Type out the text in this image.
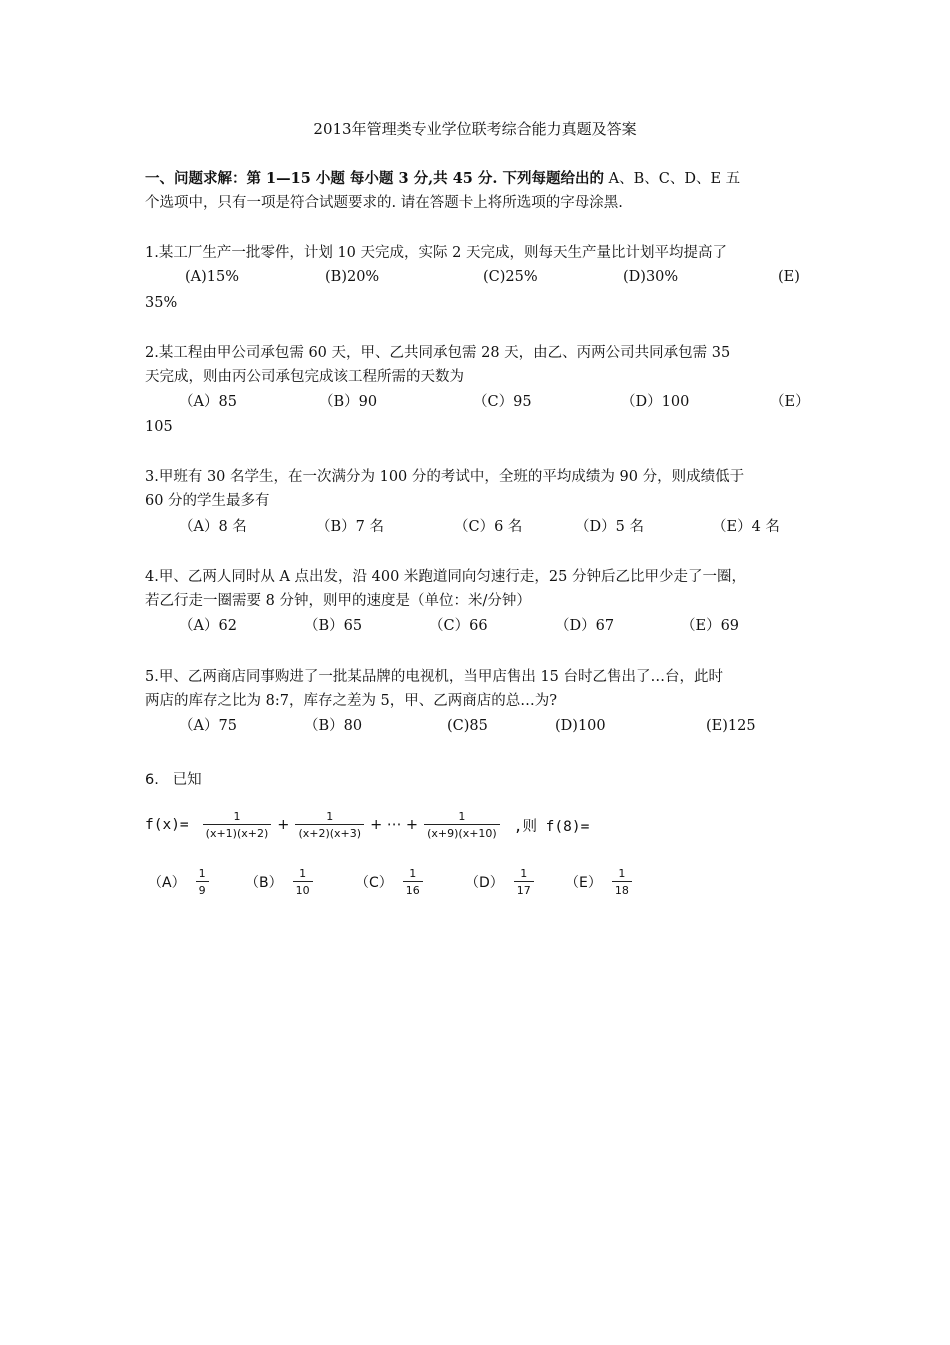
2013年管理类专业学位联考综合能力真题及答案
一、问题求解：第 1—15 小题 每小题 3 分,共 45 分. 下列每题给出的 A、B、C、D、E 五
个选项中，只有一项是符合试题要求的. 请在答题卡上将所选项的字母涂黑.
1.某工厂生产一批零件，计划 10 天完成，实际 2 天完成，则每天生产量比计划平均提高了
(A)15%	(B)20%	(C)25%	(D)30%	(E)
35%
2.某工程由甲公司承包需 60 天，甲、乙共同承包需 28 天，由乙、丙两公司共同承包需 35
天完成，则由丙公司承包完成该工程所需的天数为
（A）85	（B）90	（C）95	（D）100	（E）
105
3.甲班有 30 名学生，在一次满分为 100 分的考试中，全班的平均成绩为 90 分，则成绩低于
60 分的学生最多有
（A）8 名	（B）7 名	（C）6 名	（D）5 名	（E）4 名
4.甲、乙两人同时从 A 点出发，沿 400 米跑道同向匀速行走，25 分钟后乙比甲少走了一圈，
若乙行走一圈需要 8 分钟，则甲的速度是（单位：米/分钟）
（A）62	（B）65	（C）66	（D）67	（E）69
5.甲、乙两商店同事购进了一批某品牌的电视机，当甲店售出 15 台时乙售出了…台，此时
两店的库存之比为 8:7，库存之差为 5，甲、乙两商店的总…为?
（A）75	（B）80	(C)85	(D)100	(E)125
6.   已知
$f(x)= \frac{1}{(x+1)(x+2)} + \frac{1}{(x+2)(x+3)}$ + ⋯ + $\frac{1}{(x+9)(x+10)}$ ,则 f(8)=
$(A) \frac{1}{9}$	$(B) \frac{1}{10}$	$(C) \frac{1}{16}$	$(D) \frac{1}{17} (E) \frac{1}{18}$
